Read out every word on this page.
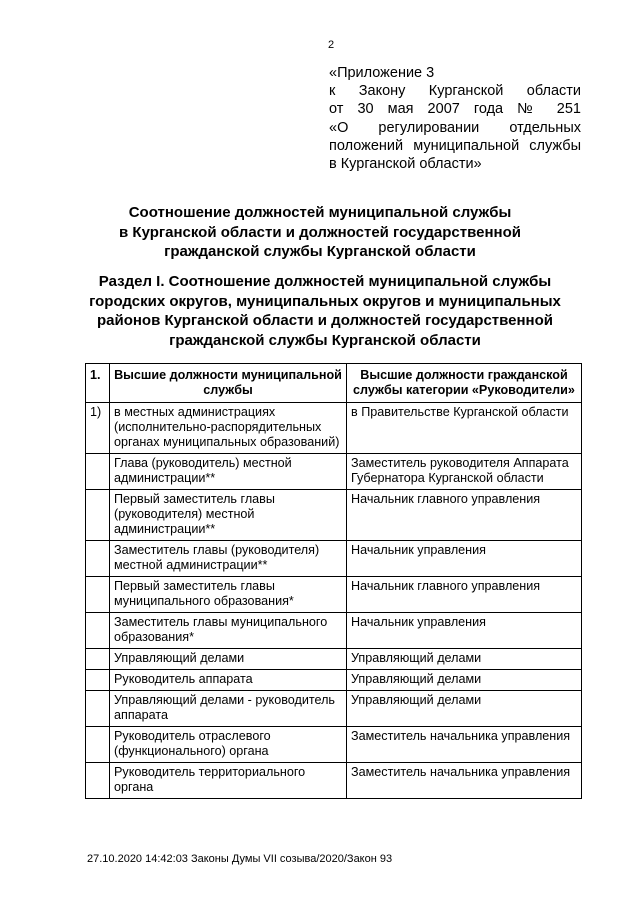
2
«Приложение 3
к Закону Курганской области
от 30 мая 2007 года № 251
«О регулировании отдельных
положений муниципальной службы
в Курганской области»
Соотношение должностей муниципальной службы
в Курганской области и должностей государственной
гражданской службы Курганской области
Раздел I. Соотношение должностей муниципальной службы
городских округов, муниципальных округов и муниципальных
районов Курганской области и должностей государственной
гражданской службы Курганской области
1.	Высшие должности муниципальной службы	Высшие должности гражданской службы категории «Руководители»
1)	в местных администрациях (исполнительно-распорядительных органах муниципальных образований)	в Правительстве Курганской области
	Глава (руководитель) местной администрации**	Заместитель руководителя Аппарата Губернатора Курганской области
	Первый заместитель главы (руководителя) местной администрации**	Начальник главного управления
	Заместитель главы (руководителя) местной администрации**	Начальник управления
	Первый заместитель главы муниципального образования*	Начальник главного управления
	Заместитель главы муниципального образования*	Начальник управления
	Управляющий делами	Управляющий делами
	Руководитель аппарата	Управляющий делами
	Управляющий делами - руководитель аппарата	Управляющий делами
	Руководитель отраслевого (функционального) органа	Заместитель начальника управления
	Руководитель территориального органа	Заместитель начальника управления
27.10.2020 14:42:03 Законы Думы VII созыва/2020/Закон 93
